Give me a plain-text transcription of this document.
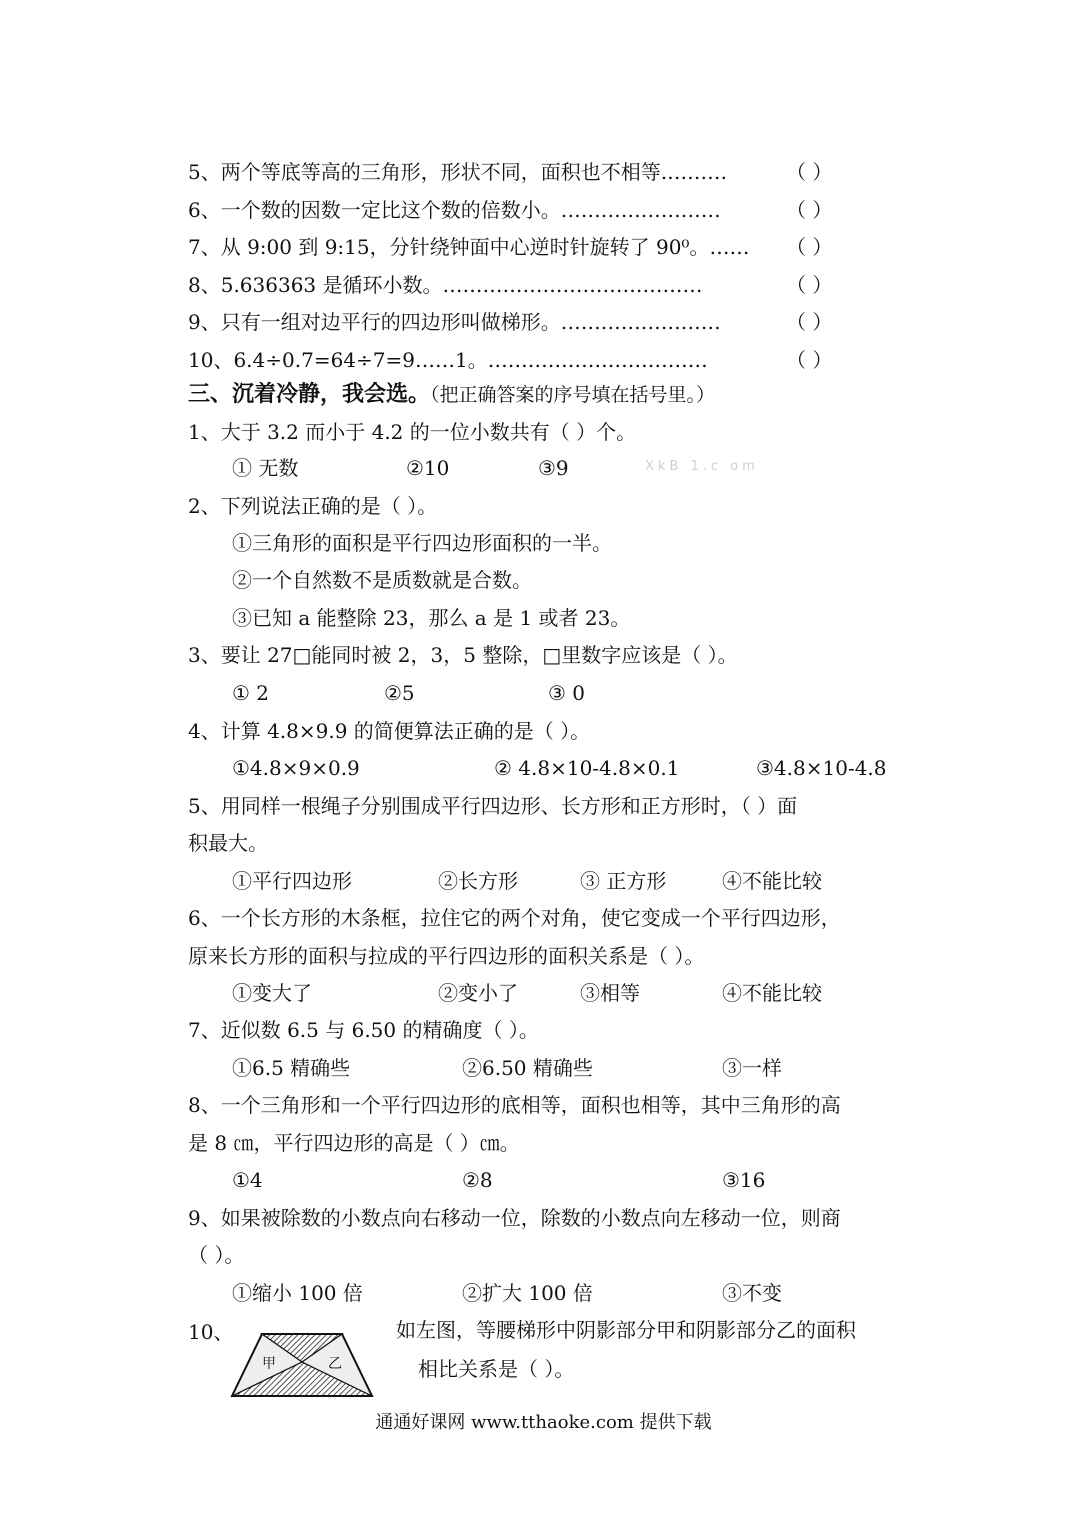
5、两个等底等高的三角形，形状不同，面积也不相等.………	（ ）
6、一个数的因数一定比这个数的倍数小。……………………	（ ）
7、从 9:00 到 9:15，分针绕钟面中心逆时针旋转了 90⁰。…… （ ）
8、5.636363 是循环小数。…………………………………	（ ）
9、只有一组对边平行的四边形叫做梯形。……………………	（ ）
10、6.4÷0.7=64÷7=9……1。……………………………	（ ）
三、沉着冷静，我会选。（把正确答案的序号填在括号里。）
XkB 1.c om
1、大于 3.2 而小于 4.2 的一位小数共有（ ）个。
① 无数	②10	③9
2、下列说法正确的是（ ）。
①三角形的面积是平行四边形面积的一半。
②一个自然数不是质数就是合数。
③已知 a 能整除 23，那么 a 是 1 或者 23。
3、要让 27□能同时被 2，3，5 整除，□里数字应该是（ ）。
① 2	②5	③ 0
4、计算 4.8×9.9 的简便算法正确的是（ ）。
①4.8×9×0.9	② 4.8×10-4.8×0.1	③4.8×10-4.8
5、用同样一根绳子分别围成平行四边形、长方形和正方形时，（ ）面
积最大。
①平行四边形	②长方形	③ 正方形	④不能比较
6、一个长方形的木条框，拉住它的两个对角，使它变成一个平行四边形，
原来长方形的面积与拉成的平行四边形的面积关系是（ ）。
①变大了	②变小了	③相等	④不能比较
7、近似数 6.5 与 6.50 的精确度（ ）。
①6.5 精确些	②6.50 精确些	③一样
8、一个三角形和一个平行四边形的底相等，面积也相等，其中三角形的高
是 8 ㎝，平行四边形的高是（ ）㎝。
①4	②8	③16
9、如果被除数的小数点向右移动一位，除数的小数点向左移动一位，则商
（ ）。
①缩小 100 倍	②扩大 100 倍	③不变
10、	如左图，等腰梯形中阴影部分甲和阴影部分乙的面积
相比关系是（ ）。
甲	乙
通通好课网 www.tthaoke.com 提供下载
